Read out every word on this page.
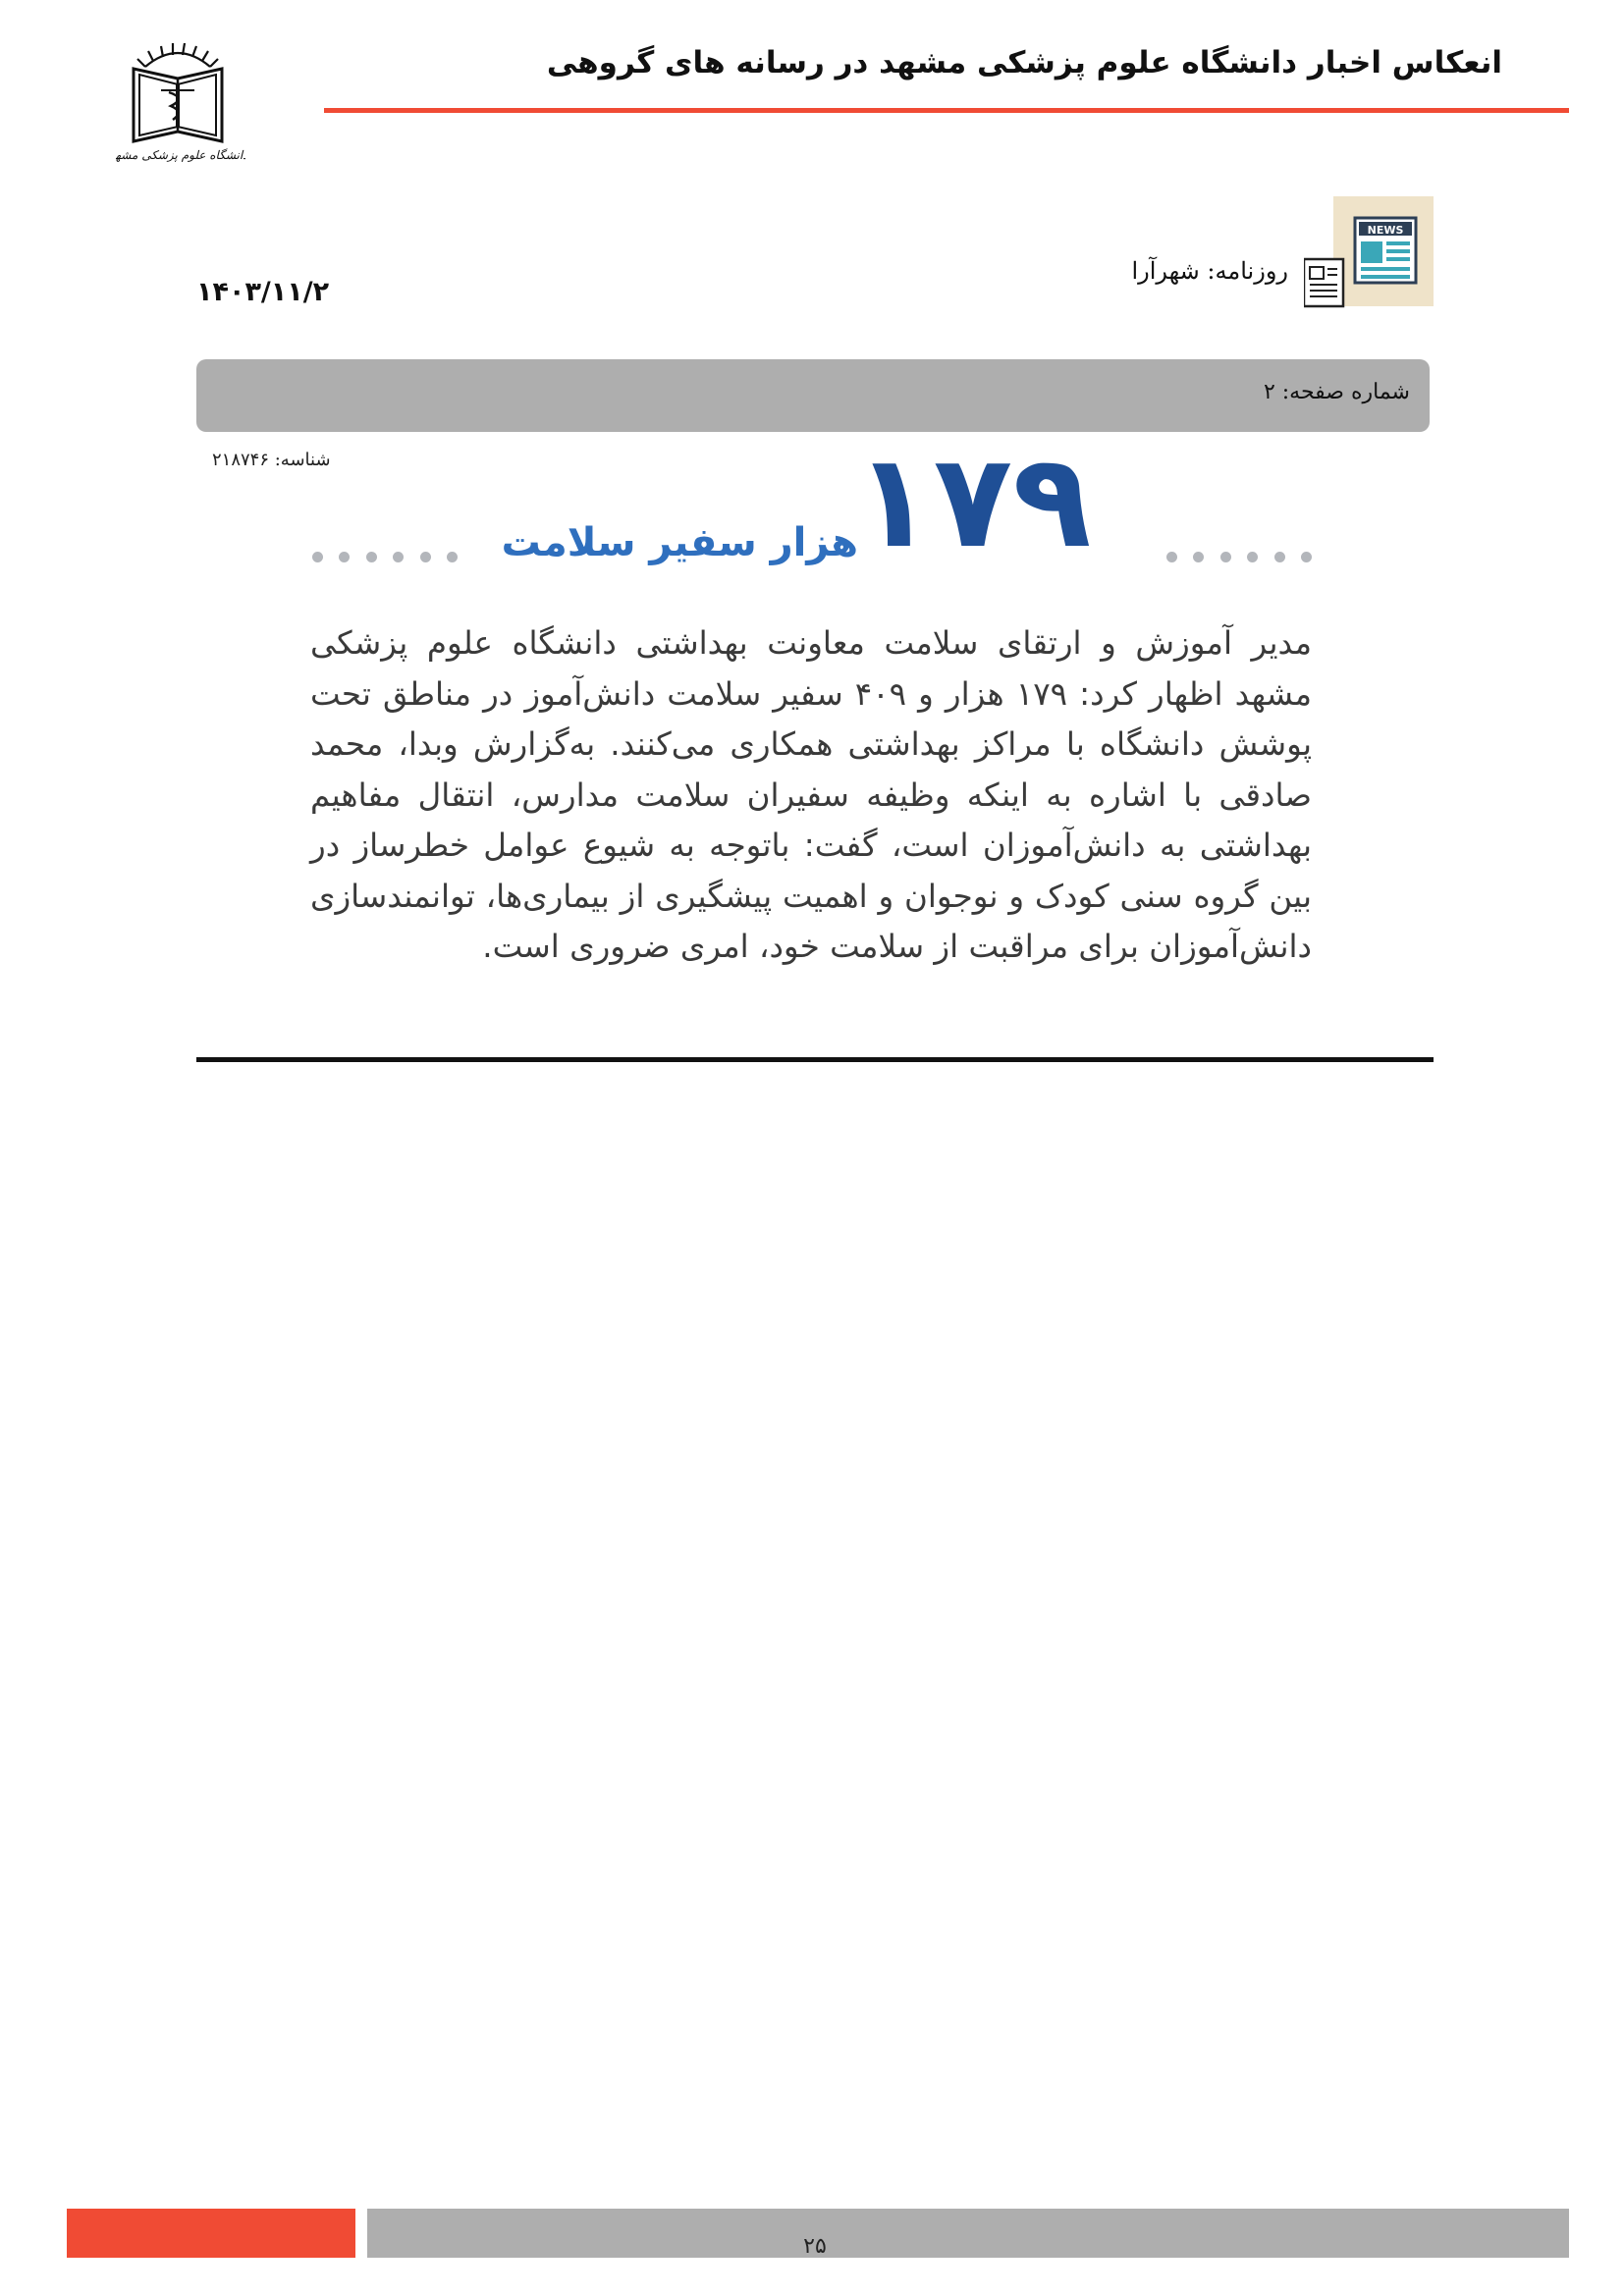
انعکاس اخبار دانشگاه علوم پزشکی مشهد در رسانه های گروهی
دانشگاه علوم پزشکی مشهد
NEWS
روزنامه: شهرآرا
۱۴۰۳/۱۱/۲
شماره صفحه: ۲
شناسه: ۲۱۸۷۴۶
هزار سفیر سلامت
۱۷۹
مدیر آموزش و ارتقای سلامت معاونت بهداشتی دانشگاه علوم پزشکی مشهد اظهار کرد: ۱۷۹ هزار و ۴۰۹ سفیر سلامت دانش‌آموز در مناطق تحت پوشش دانشگاه با مراکز بهداشتی همکاری می‌کنند. به‌گزارش وبدا، محمد صادقی با اشاره به اینکه وظیفه سفیران سلامت مدارس، انتقال مفاهیم بهداشتی به دانش‌آموزان است، گفت: باتوجه به شیوع عوامل خطرساز در بین گروه سنی کودک و نوجوان و اهمیت پیشگیری از بیماری‌ها، توانمندسازی دانش‌آموزان برای مراقبت از سلامت خود، امری ضروری است.
۲۵
